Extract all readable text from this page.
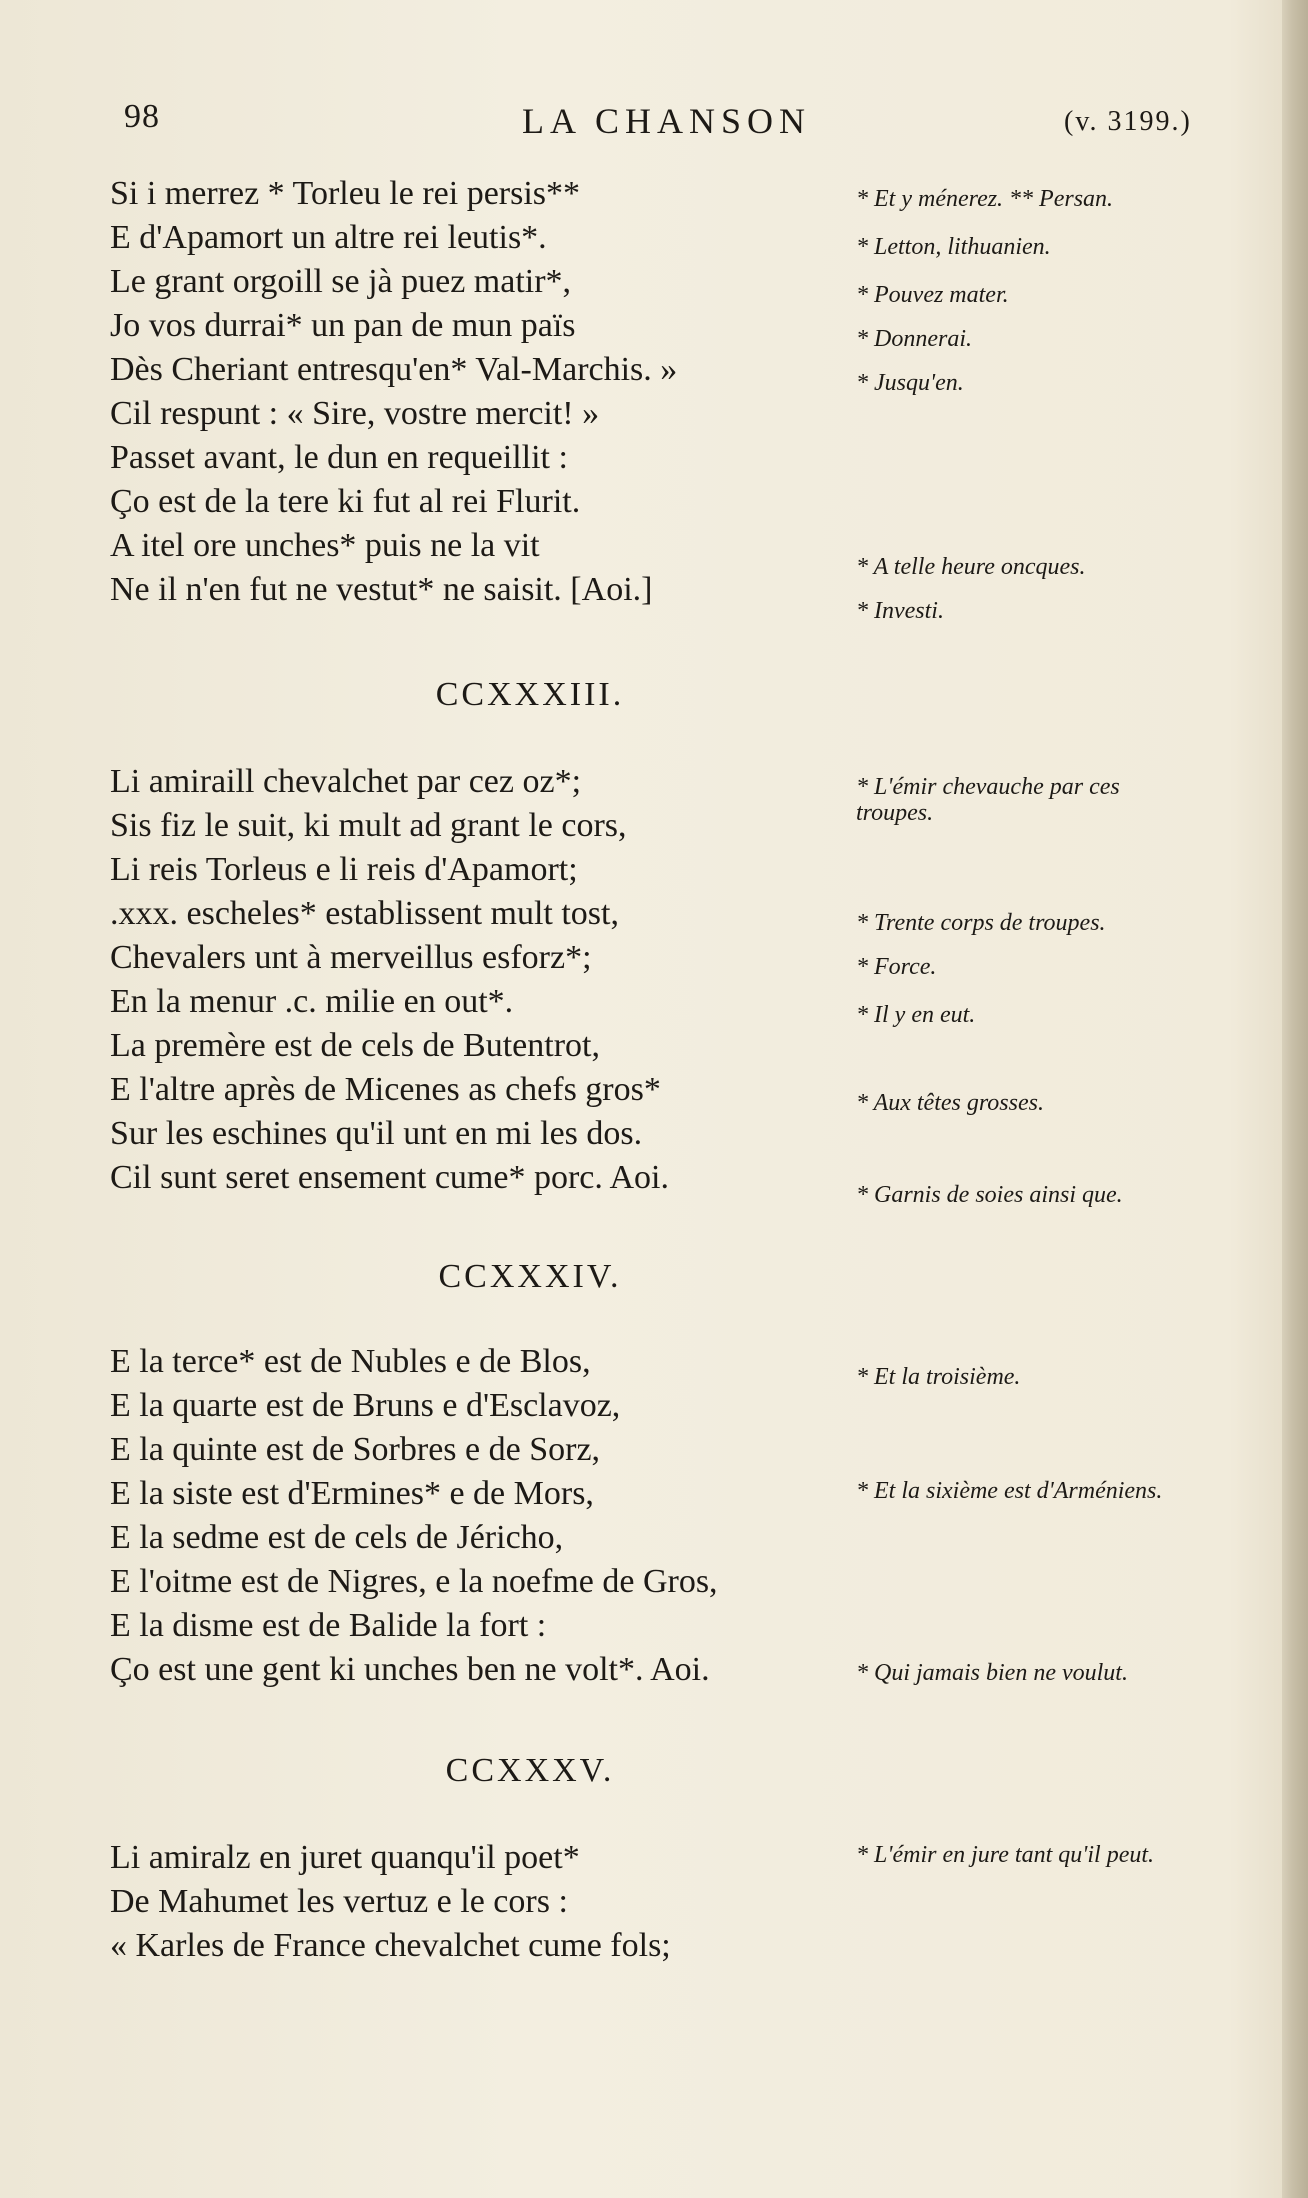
98	LA CHANSON	(v. 3199.)
Si i merrez * Torleu le rei persis**
E d'Apamort un altre rei leutis*.
Le grant orgoill se jà puez matir*,
Jo vos durrai* un pan de mun païs
Dès Cheriant entresqu'en* Val-Marchis. »
Cil respunt : « Sire, vostre mercit! »
Passet avant, le dun en requeillit :
Ço est de la tere ki fut al rei Flurit.
A itel ore unches* puis ne la vit
Ne il n'en fut ne vestut* ne saisit. [Aoi.]
* Et y ménerez. ** Persan.
* Letton, lithuanien.
* Pouvez mater.
* Donnerai.
* Jusqu'en.
* A telle heure oncques.
* Investi.
CCXXXIII.
Li amiraill chevalchet par cez oz*;
Sis fiz le suit, ki mult ad grant le cors,
Li reis Torleus e li reis d'Apamort;
.xxx. escheles* establissent mult tost,
Chevalers unt à merveillus esforz*;
En la menur .c. milie en out*.
La premère est de cels de Butentrot,
E l'altre après de Micenes as chefs gros*
Sur les eschines qu'il unt en mi les dos.
Cil sunt seret ensement cume* porc. Aoi.
* L'émir chevauche par ces troupes.
* Trente corps de troupes.
* Force.
* Il y en eut.
* Aux têtes grosses.
* Garnis de soies ainsi que.
CCXXXIV.
E la terce* est de Nubles e de Blos,
E la quarte est de Bruns e d'Esclavoz,
E la quinte est de Sorbres e de Sorz,
E la siste est d'Ermines* e de Mors,
E la sedme est de cels de Jéricho,
E l'oitme est de Nigres, e la noefme de Gros,
E la disme est de Balide la fort :
Ço est une gent ki unches ben ne volt*. Aoi.
* Et la troisième.
* Et la sixième est d'Arméniens.
* Qui jamais bien ne voulut.
CCXXXV.
Li amiralz en juret quanqu'il poet*
De Mahumet les vertuz e le cors :
« Karles de France chevalchet cume fols;
* L'émir en jure tant qu'il peut.
